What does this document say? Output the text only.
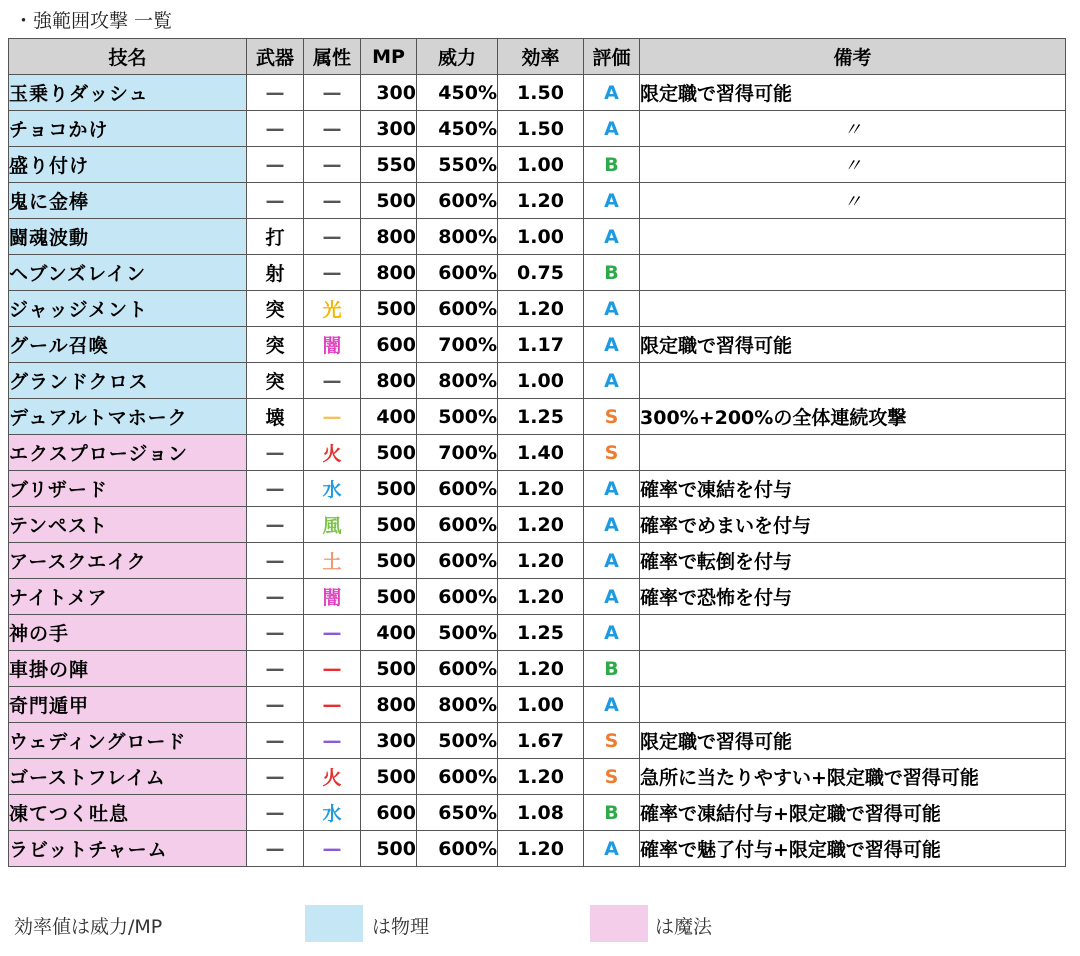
・強範囲攻撃 一覧
技名	武器	属性	MP	威力	効率	評価	備考
玉乗りダッシュ	—	—	300	450%	1.50	A	限定職で習得可能
チョコかけ	—	—	300	450%	1.50	A	〃
盛り付け	—	—	550	550%	1.00	B	〃
鬼に金棒	—	—	500	600%	1.20	A	〃
闘魂波動	打	—	800	800%	1.00	A	
ヘブンズレイン	射	—	800	600%	0.75	B	
ジャッジメント	突	光	500	600%	1.20	A	
グール召喚	突	闇	600	700%	1.17	A	限定職で習得可能
グランドクロス	突	—	800	800%	1.00	A	
デュアルトマホーク	壊	—	400	500%	1.25	S	300%+200%の全体連続攻撃
エクスプロージョン	—	火	500	700%	1.40	S	
ブリザード	—	水	500	600%	1.20	A	確率で凍結を付与
テンペスト	—	風	500	600%	1.20	A	確率でめまいを付与
アースクエイク	—	土	500	600%	1.20	A	確率で転倒を付与
ナイトメア	—	闇	500	600%	1.20	A	確率で恐怖を付与
神の手	—	—	400	500%	1.25	A	
車掛の陣	—	—	500	600%	1.20	B	
奇門遁甲	—	—	800	800%	1.00	A	
ウェディングロード	—	—	300	500%	1.67	S	限定職で習得可能
ゴーストフレイム	—	火	500	600%	1.20	S	急所に当たりやすい+限定職で習得可能
凍てつく吐息	—	水	600	650%	1.08	B	確率で凍結付与+限定職で習得可能
ラビットチャーム	—	—	500	600%	1.20	A	確率で魅了付与+限定職で習得可能
効率値は威力/MP	は物理	は魔法
